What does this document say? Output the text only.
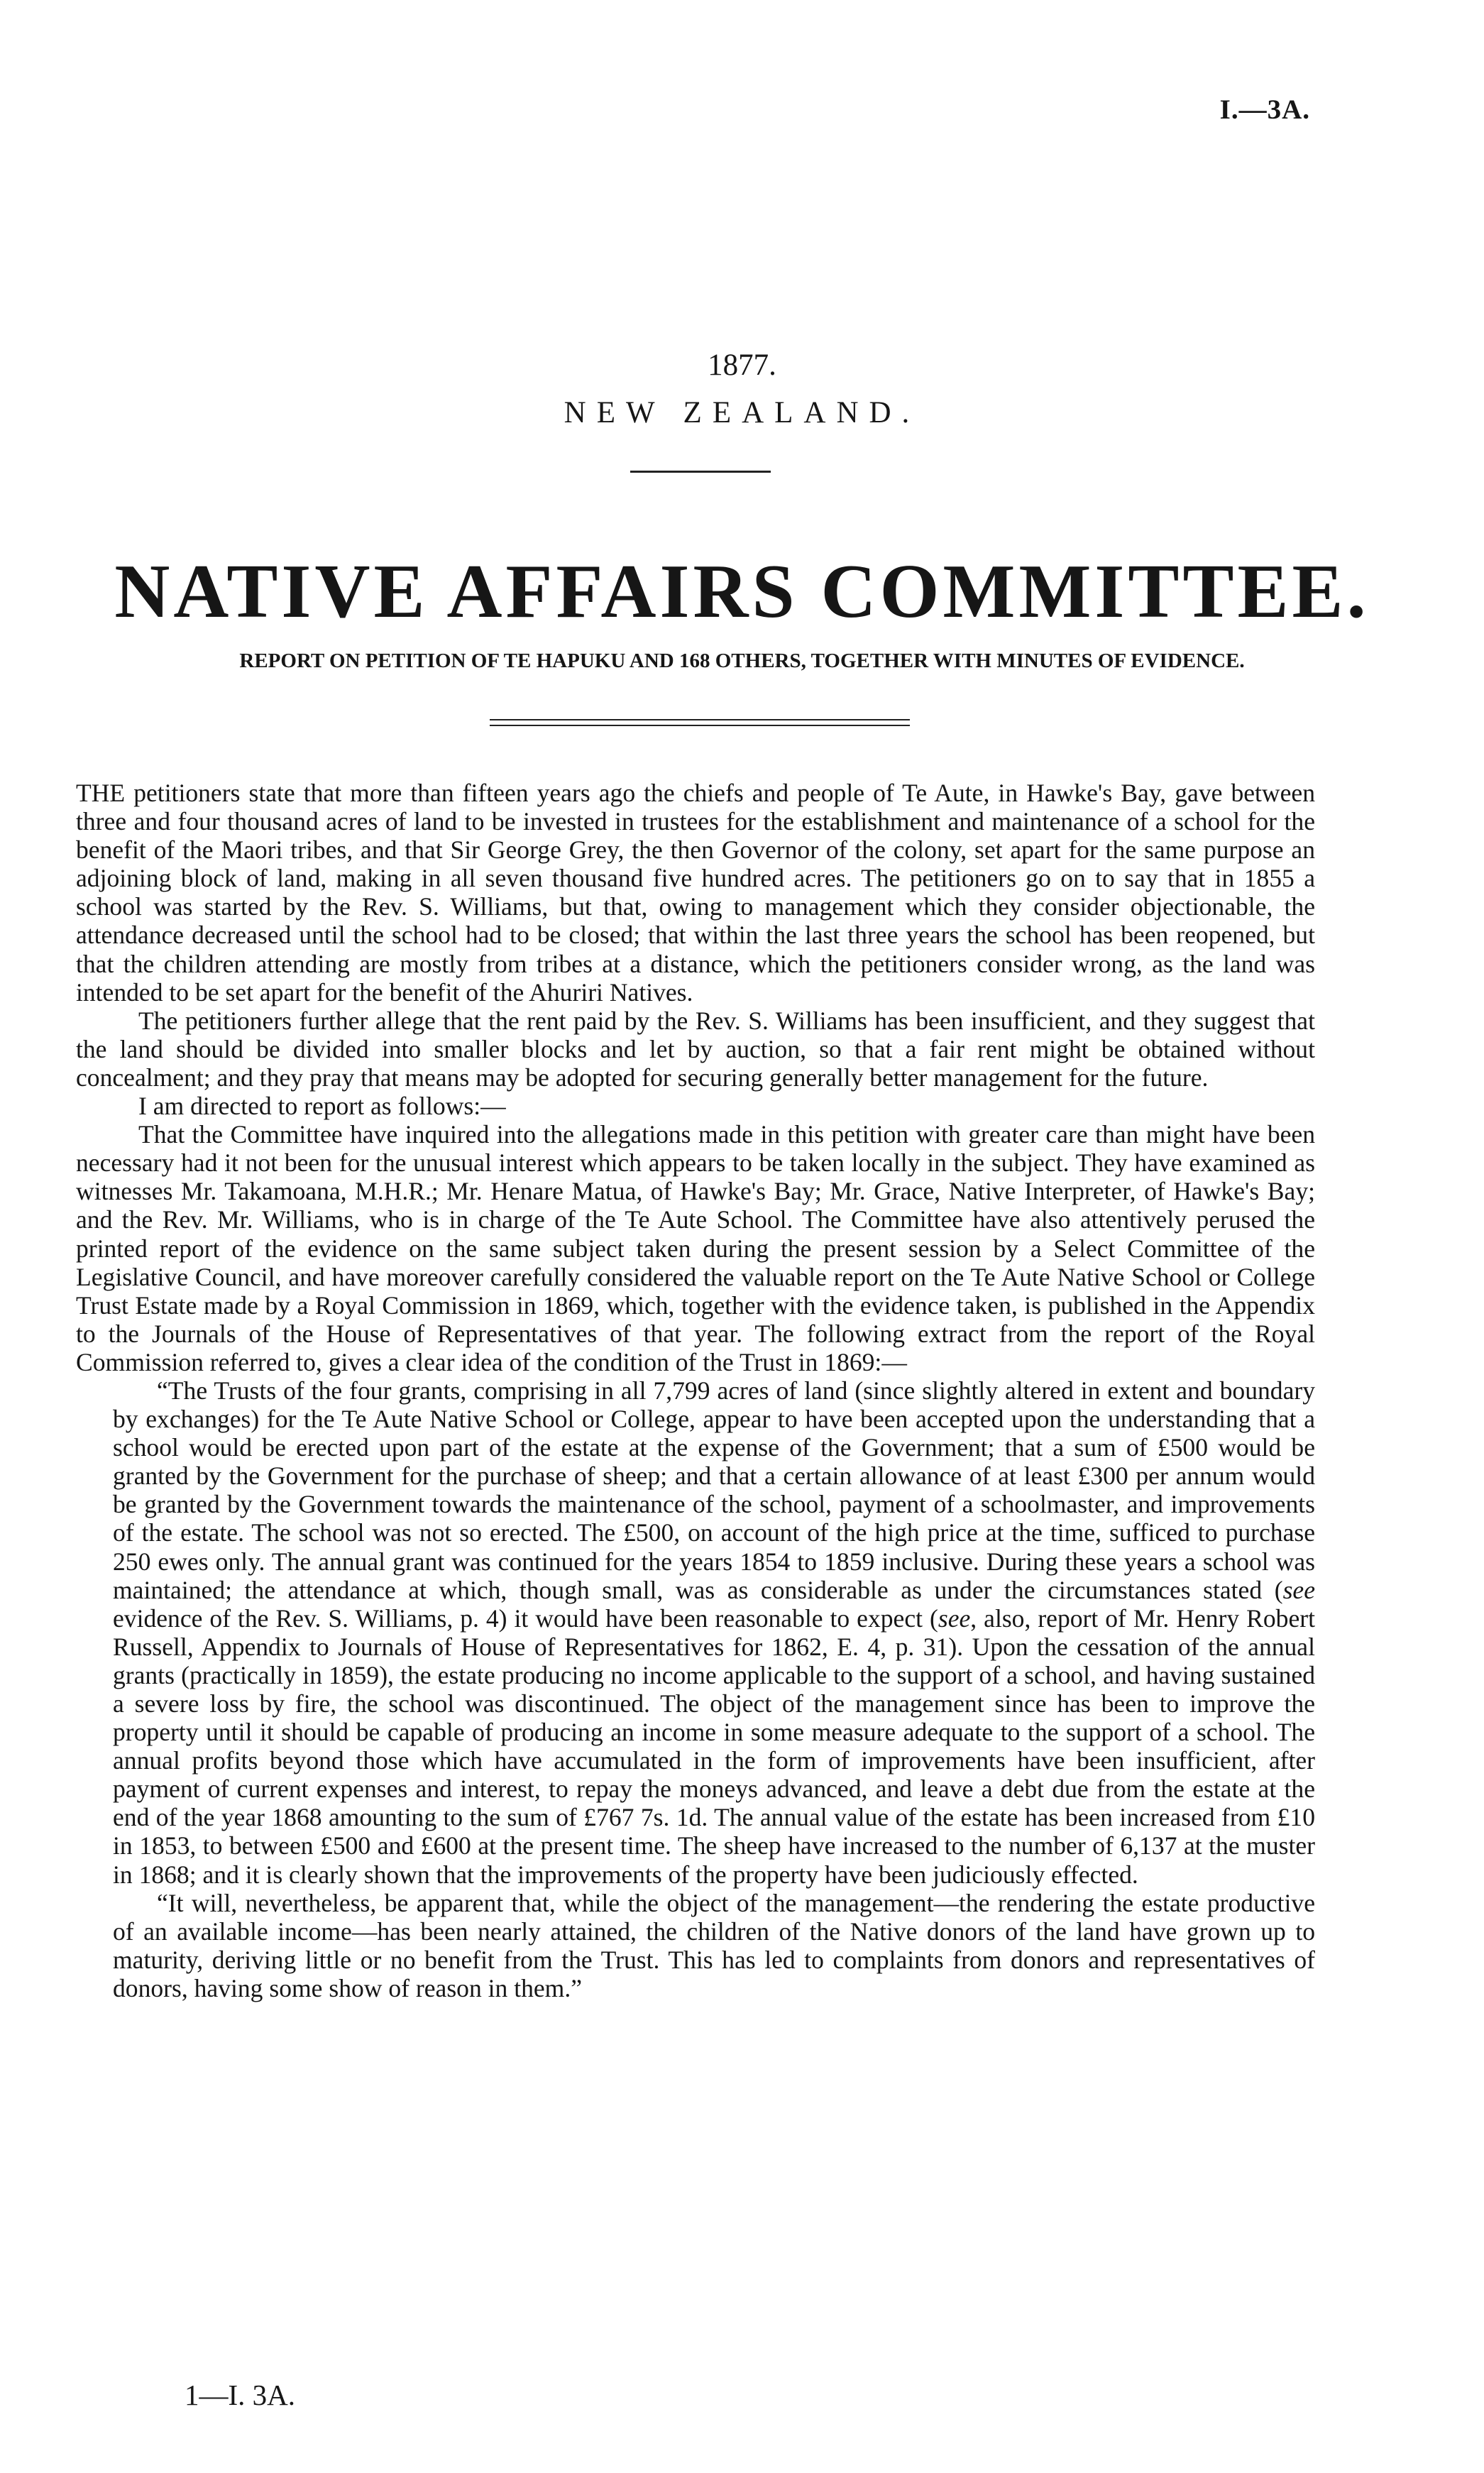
I.—3A.
1877.
NEW ZEALAND.
NATIVE AFFAIRS COMMITTEE.
REPORT ON PETITION OF TE HAPUKU AND 168 OTHERS, TOGETHER WITH MINUTES OF EVIDENCE.

THE petitioners state that more than fifteen years ago the chiefs and people of Te Aute, in Hawke's Bay, gave between three and four thousand acres of land to be invested in trustees for the establishment and maintenance of a school for the benefit of the Maori tribes, and that Sir George Grey, the then Governor of the colony, set apart for the same purpose an adjoining block of land, making in all seven thousand five hundred acres. The petitioners go on to say that in 1855 a school was started by the Rev. S. Williams, but that, owing to management which they consider objectionable, the attendance decreased until the school had to be closed; that within the last three years the school has been reopened, but that the children attending are mostly from tribes at a distance, which the petitioners consider wrong, as the land was intended to be set apart for the benefit of the Ahuriri Natives.

The petitioners further allege that the rent paid by the Rev. S. Williams has been insufficient, and they suggest that the land should be divided into smaller blocks and let by auction, so that a fair rent might be obtained without concealment; and they pray that means may be adopted for securing generally better management for the future.

I am directed to report as follows:—

That the Committee have inquired into the allegations made in this petition with greater care than might have been necessary had it not been for the unusual interest which appears to be taken locally in the subject. They have examined as witnesses Mr. Takamoana, M.H.R.; Mr. Henare Matua, of Hawke's Bay; Mr. Grace, Native Interpreter, of Hawke's Bay; and the Rev. Mr. Williams, who is in charge of the Te Aute School. The Committee have also attentively perused the printed report of the evidence on the same subject taken during the present session by a Select Committee of the Legislative Council, and have moreover carefully considered the valuable report on the Te Aute Native School or College Trust Estate made by a Royal Commission in 1869, which, together with the evidence taken, is published in the Appendix to the Journals of the House of Representatives of that year. The following extract from the report of the Royal Commission referred to, gives a clear idea of the condition of the Trust in 1869:—

“The Trusts of the four grants, comprising in all 7,799 acres of land (since slightly altered in extent and boundary by exchanges) for the Te Aute Native School or College, appear to have been accepted upon the understanding that a school would be erected upon part of the estate at the expense of the Government; that a sum of £500 would be granted by the Government for the purchase of sheep; and that a certain allowance of at least £300 per annum would be granted by the Government towards the maintenance of the school, payment of a schoolmaster, and improvements of the estate. The school was not so erected. The £500, on account of the high price at the time, sufficed to purchase 250 ewes only. The annual grant was continued for the years 1854 to 1859 inclusive. During these years a school was maintained; the attendance at which, though small, was as considerable as under the circumstances stated (see evidence of the Rev. S. Williams, p. 4) it would have been reasonable to expect (see, also, report of Mr. Henry Robert Russell, Appendix to Journals of House of Representatives for 1862, E. 4, p. 31). Upon the cessation of the annual grants (practically in 1859), the estate producing no income applicable to the support of a school, and having sustained a severe loss by fire, the school was discontinued. The object of the management since has been to improve the property until it should be capable of producing an income in some measure adequate to the support of a school. The annual profits beyond those which have accumulated in the form of improvements have been insufficient, after payment of current expenses and interest, to repay the moneys advanced, and leave a debt due from the estate at the end of the year 1868 amounting to the sum of £767 7s. 1d. The annual value of the estate has been increased from £10 in 1853, to between £500 and £600 at the present time. The sheep have increased to the number of 6,137 at the muster in 1868; and it is clearly shown that the improvements of the property have been judiciously effected.

“It will, nevertheless, be apparent that, while the object of the management—the rendering the estate productive of an available income—has been nearly attained, the children of the Native donors of the land have grown up to maturity, deriving little or no benefit from the Trust. This has led to complaints from donors and representatives of donors, having some show of reason in them.”

1—I. 3A.
